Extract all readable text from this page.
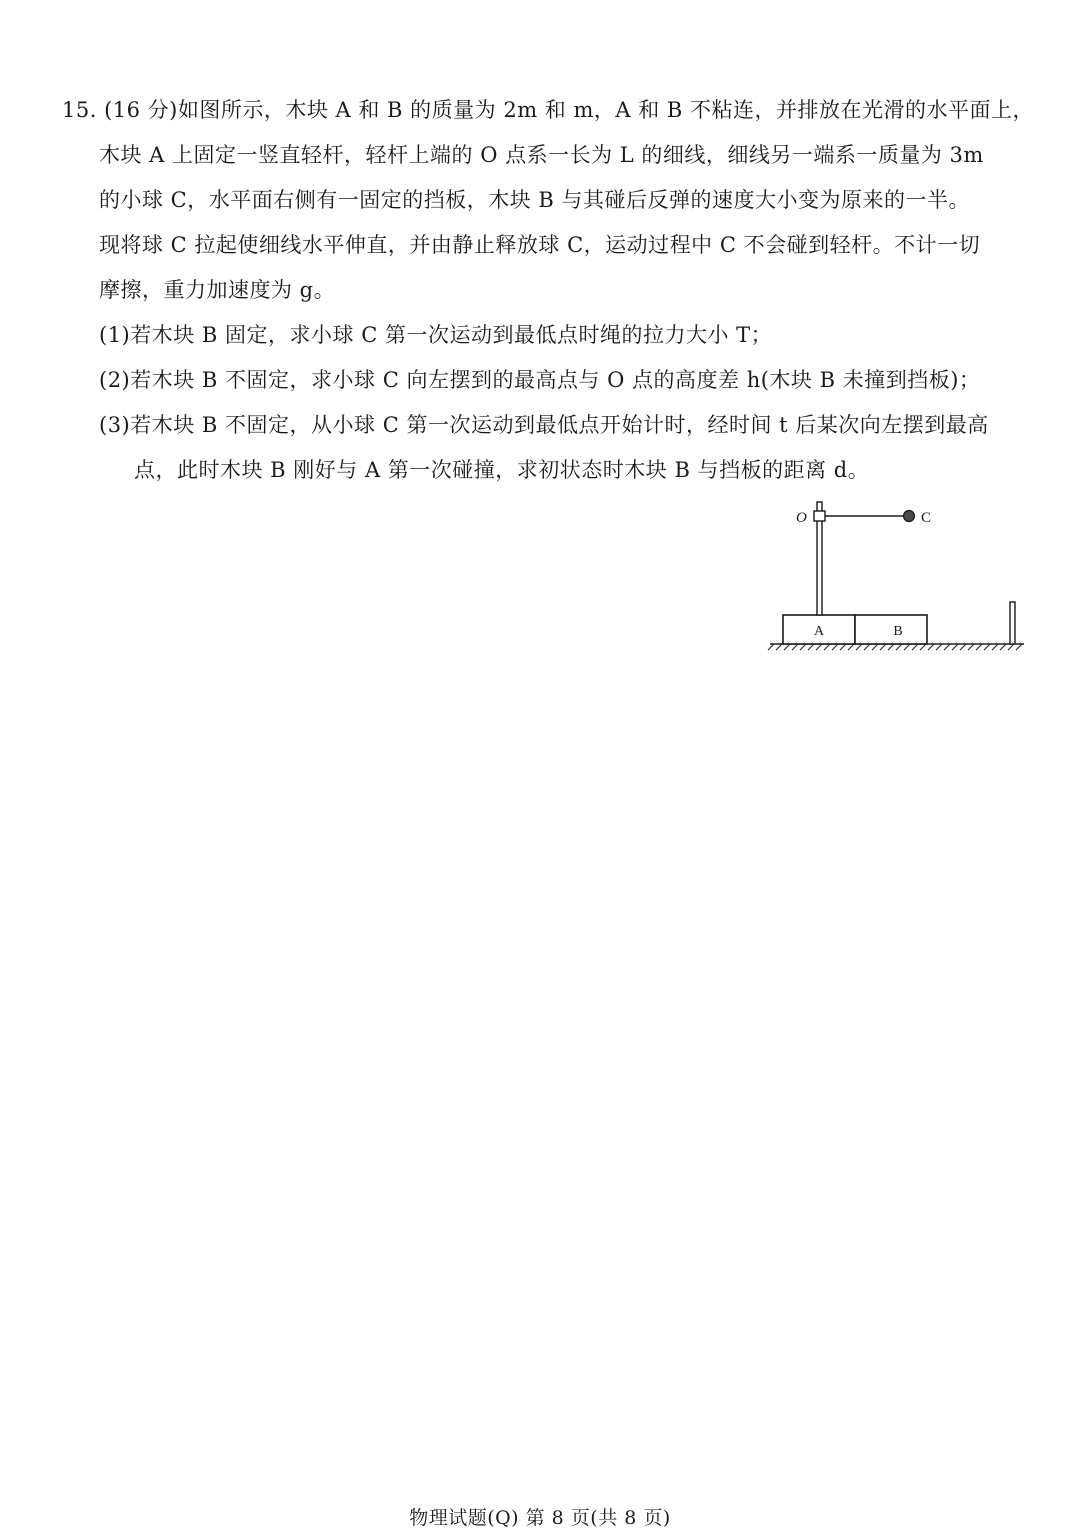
15. (16 分)如图所示，木块 A 和 B 的质量为 2m 和 m，A 和 B 不粘连，并排放在光滑的水平面上，
木块 A 上固定一竖直轻杆，轻杆上端的 O 点系一长为 L 的细线，细线另一端系一质量为 3m
的小球 C，水平面右侧有一固定的挡板，木块 B 与其碰后反弹的速度大小变为原来的一半。
现将球 C 拉起使细线水平伸直，并由静止释放球 C，运动过程中 C 不会碰到轻杆。不计一切
摩擦，重力加速度为 g。
(1)若木块 B 固定，求小球 C 第一次运动到最低点时绳的拉力大小 T；
(2)若木块 B 不固定，求小球 C 向左摆到的最高点与 O 点的高度差 h(木块 B 未撞到挡板)；
(3)若木块 B 不固定，从小球 C 第一次运动到最低点开始计时，经时间 t 后某次向左摆到最高
点，此时木块 B 刚好与 A 第一次碰撞，求初状态时木块 B 与挡板的距离 d。
A	B
O	C
物理试题(Q) 第 8 页(共 8 页)
